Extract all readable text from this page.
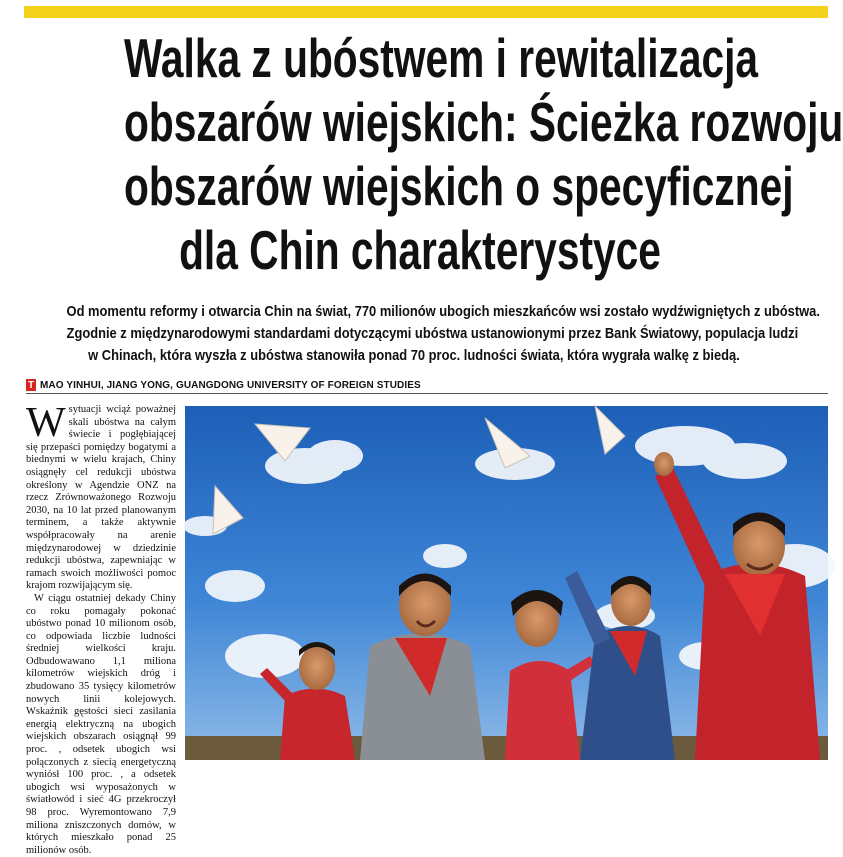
Walka z ubóstwem i rewitalizacja
obszarów wiejskich: Ścieżka rozwoju
obszarów wiejskich o specyficznej
dla Chin charakterystyce

Od momentu reformy i otwarcia Chin na świat, 770 milionów ubogich mieszkańców wsi zostało wydźwigniętych z ubóstwa.
Zgodnie z międzynarodowymi standardami dotyczącymi ubóstwa ustanowionymi przez Bank Światowy, populacja ludzi
w Chinach, która wyszła z ubóstwa stanowiła ponad 70 proc. ludności świata, która wygrała walkę z biedą.

T MAO YINHUI, JIANG YONG, GUANGDONG UNIVERSITY OF FOREIGN STUDIES

Wsytuacji wciąż poważnej skali ubóstwa na całym świecie i pogłębiającej się przepaści pomiędzy bogatymi a biednymi w wielu krajach, Chiny osiągnęły cel redukcji ubóstwa określony w Agendzie ONZ na rzecz Zrównoważonego Rozwoju 2030, na 10 lat przed planowanym terminem, a także aktywnie współpracowały na arenie międzynarodowej w dziedzinie redukcji ubóstwa, zapewniając w ramach swoich możliwości pomoc krajom rozwijającym się.

W ciągu ostatniej dekady Chiny co roku pomagały pokonać ubóstwo ponad 10 milionom osób, co odpowiada liczbie ludności średniej wielkości kraju. Odbudowawano 1,1 miliona kilometrów wiejskich dróg i zbudowano 35 tysięcy kilometrów nowych linii kolejowych. Wskaźnik gęstości sieci zasilania energią elektryczną na ubogich wiejskich obszarach osiągnął 99 proc. , odsetek ubogich wsi połączonych z siecią energetyczną wyniósł 100 proc. , a odsetek ubogich wsi wyposażonych w światłowód i sieć 4G przekroczył 98 proc. Wyremontowano 7,9 miliona zniszczonych domów, w których mieszkało ponad 25 milionów osób.
